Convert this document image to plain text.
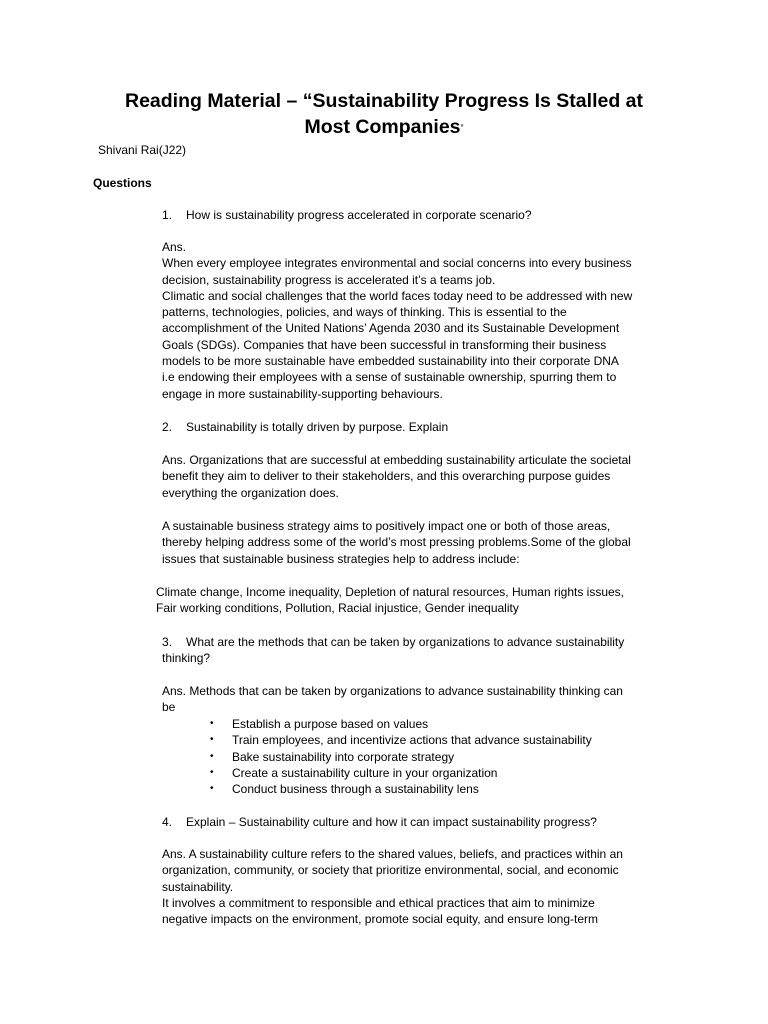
Reading Material – “Sustainability Progress Is Stalled at
Most Companies”
Shivani Rai(J22)
Questions
1. How is sustainability progress accelerated in corporate scenario?
Ans.
When every employee integrates environmental and social concerns into every business
decision, sustainability progress is accelerated it’s a teams job.
Climatic and social challenges that the world faces today need to be addressed with new
patterns, technologies, policies, and ways of thinking. This is essential to the
accomplishment of the United Nations’ Agenda 2030 and its Sustainable Development
Goals (SDGs). Companies that have been successful in transforming their business
models to be more sustainable have embedded sustainability into their corporate DNA
i.e endowing their employees with a sense of sustainable ownership, spurring them to
engage in more sustainability-supporting behaviours.
2. Sustainability is totally driven by purpose. Explain
Ans. Organizations that are successful at embedding sustainability articulate the societal
benefit they aim to deliver to their stakeholders, and this overarching purpose guides
everything the organization does.
A sustainable business strategy aims to positively impact one or both of those areas,
thereby helping address some of the world’s most pressing problems.Some of the global
issues that sustainable business strategies help to address include:
Climate change, Income inequality, Depletion of natural resources, Human rights issues,
Fair working conditions, Pollution, Racial injustice, Gender inequality
3. What are the methods that can be taken by organizations to advance sustainability
thinking?
Ans. Methods that can be taken by organizations to advance sustainability thinking can
be
• Establish a purpose based on values
• Train employees, and incentivize actions that advance sustainability
• Bake sustainability into corporate strategy
• Create a sustainability culture in your organization
• Conduct business through a sustainability lens
4. Explain – Sustainability culture and how it can impact sustainability progress?
Ans. A sustainability culture refers to the shared values, beliefs, and practices within an
organization, community, or society that prioritize environmental, social, and economic
sustainability.
It involves a commitment to responsible and ethical practices that aim to minimize
negative impacts on the environment, promote social equity, and ensure long-term
